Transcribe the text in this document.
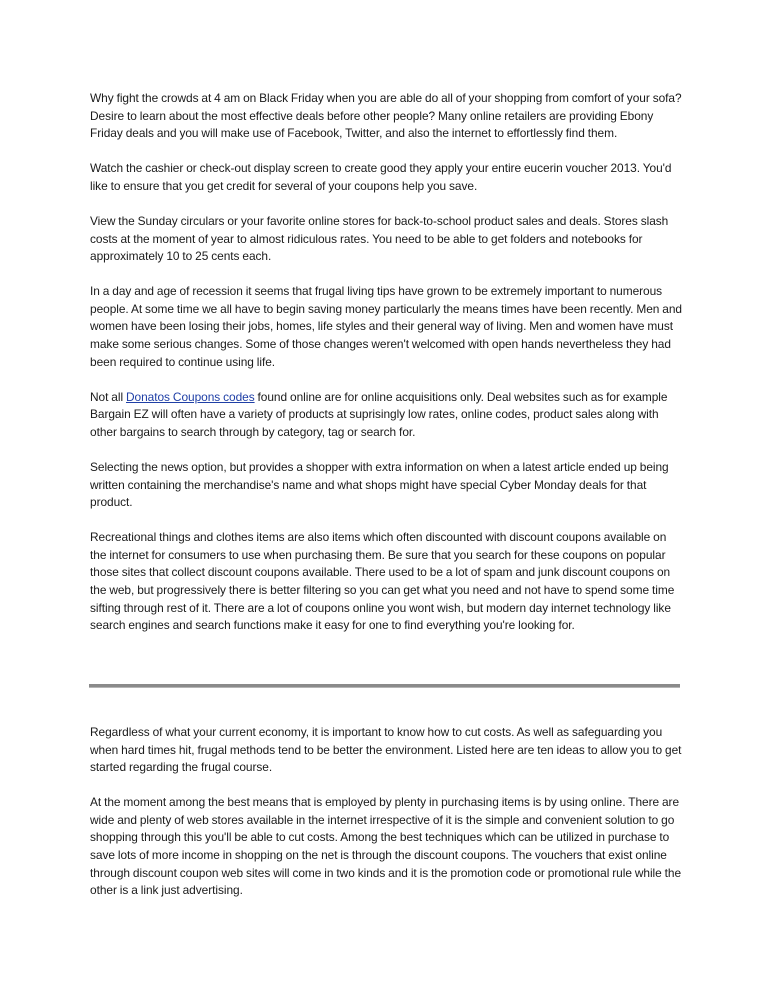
Why fight the crowds at 4 am on Black Friday when you are able do all of your shopping from comfort of your sofa? Desire to learn about the most effective deals before other people? Many online retailers are providing Ebony Friday deals and you will make use of Facebook, Twitter, and also the internet to effortlessly find them.

Watch the cashier or check-out display screen to create good they apply your entire eucerin voucher 2013. You'd like to ensure that you get credit for several of your coupons help you save.

View the Sunday circulars or your favorite online stores for back-to-school product sales and deals. Stores slash costs at the moment of year to almost ridiculous rates. You need to be able to get folders and notebooks for approximately 10 to 25 cents each.

In a day and age of recession it seems that frugal living tips have grown to be extremely important to numerous people. At some time we all have to begin saving money particularly the means times have been recently. Men and women have been losing their jobs, homes, life styles and their general way of living. Men and women have must make some serious changes. Some of those changes weren't welcomed with open hands nevertheless they had been required to continue using life.

Not all Donatos Coupons codes found online are for online acquisitions only. Deal websites such as for example Bargain EZ will often have a variety of products at suprisingly low rates, online codes, product sales along with other bargains to search through by category, tag or search for.

Selecting the news option, but provides a shopper with extra information on when a latest article ended up being written containing the merchandise's name and what shops might have special Cyber Monday deals for that product.

Recreational things and clothes items are also items which often discounted with discount coupons available on the internet for consumers to use when purchasing them. Be sure that you search for these coupons on popular those sites that collect discount coupons available. There used to be a lot of spam and junk discount coupons on the web, but progressively there is better filtering so you can get what you need and not have to spend some time sifting through rest of it. There are a lot of coupons online you wont wish, but modern day internet technology like search engines and search functions make it easy for one to find everything you're looking for.

Regardless of what your current economy, it is important to know how to cut costs. As well as safeguarding you when hard times hit, frugal methods tend to be better the environment. Listed here are ten ideas to allow you to get started regarding the frugal course.

At the moment among the best means that is employed by plenty in purchasing items is by using online. There are wide and plenty of web stores available in the internet irrespective of it is the simple and convenient solution to go shopping through this you'll be able to cut costs. Among the best techniques which can be utilized in purchase to save lots of more income in shopping on the net is through the discount coupons. The vouchers that exist online through discount coupon web sites will come in two kinds and it is the promotion code or promotional rule while the other is a link just advertising.
